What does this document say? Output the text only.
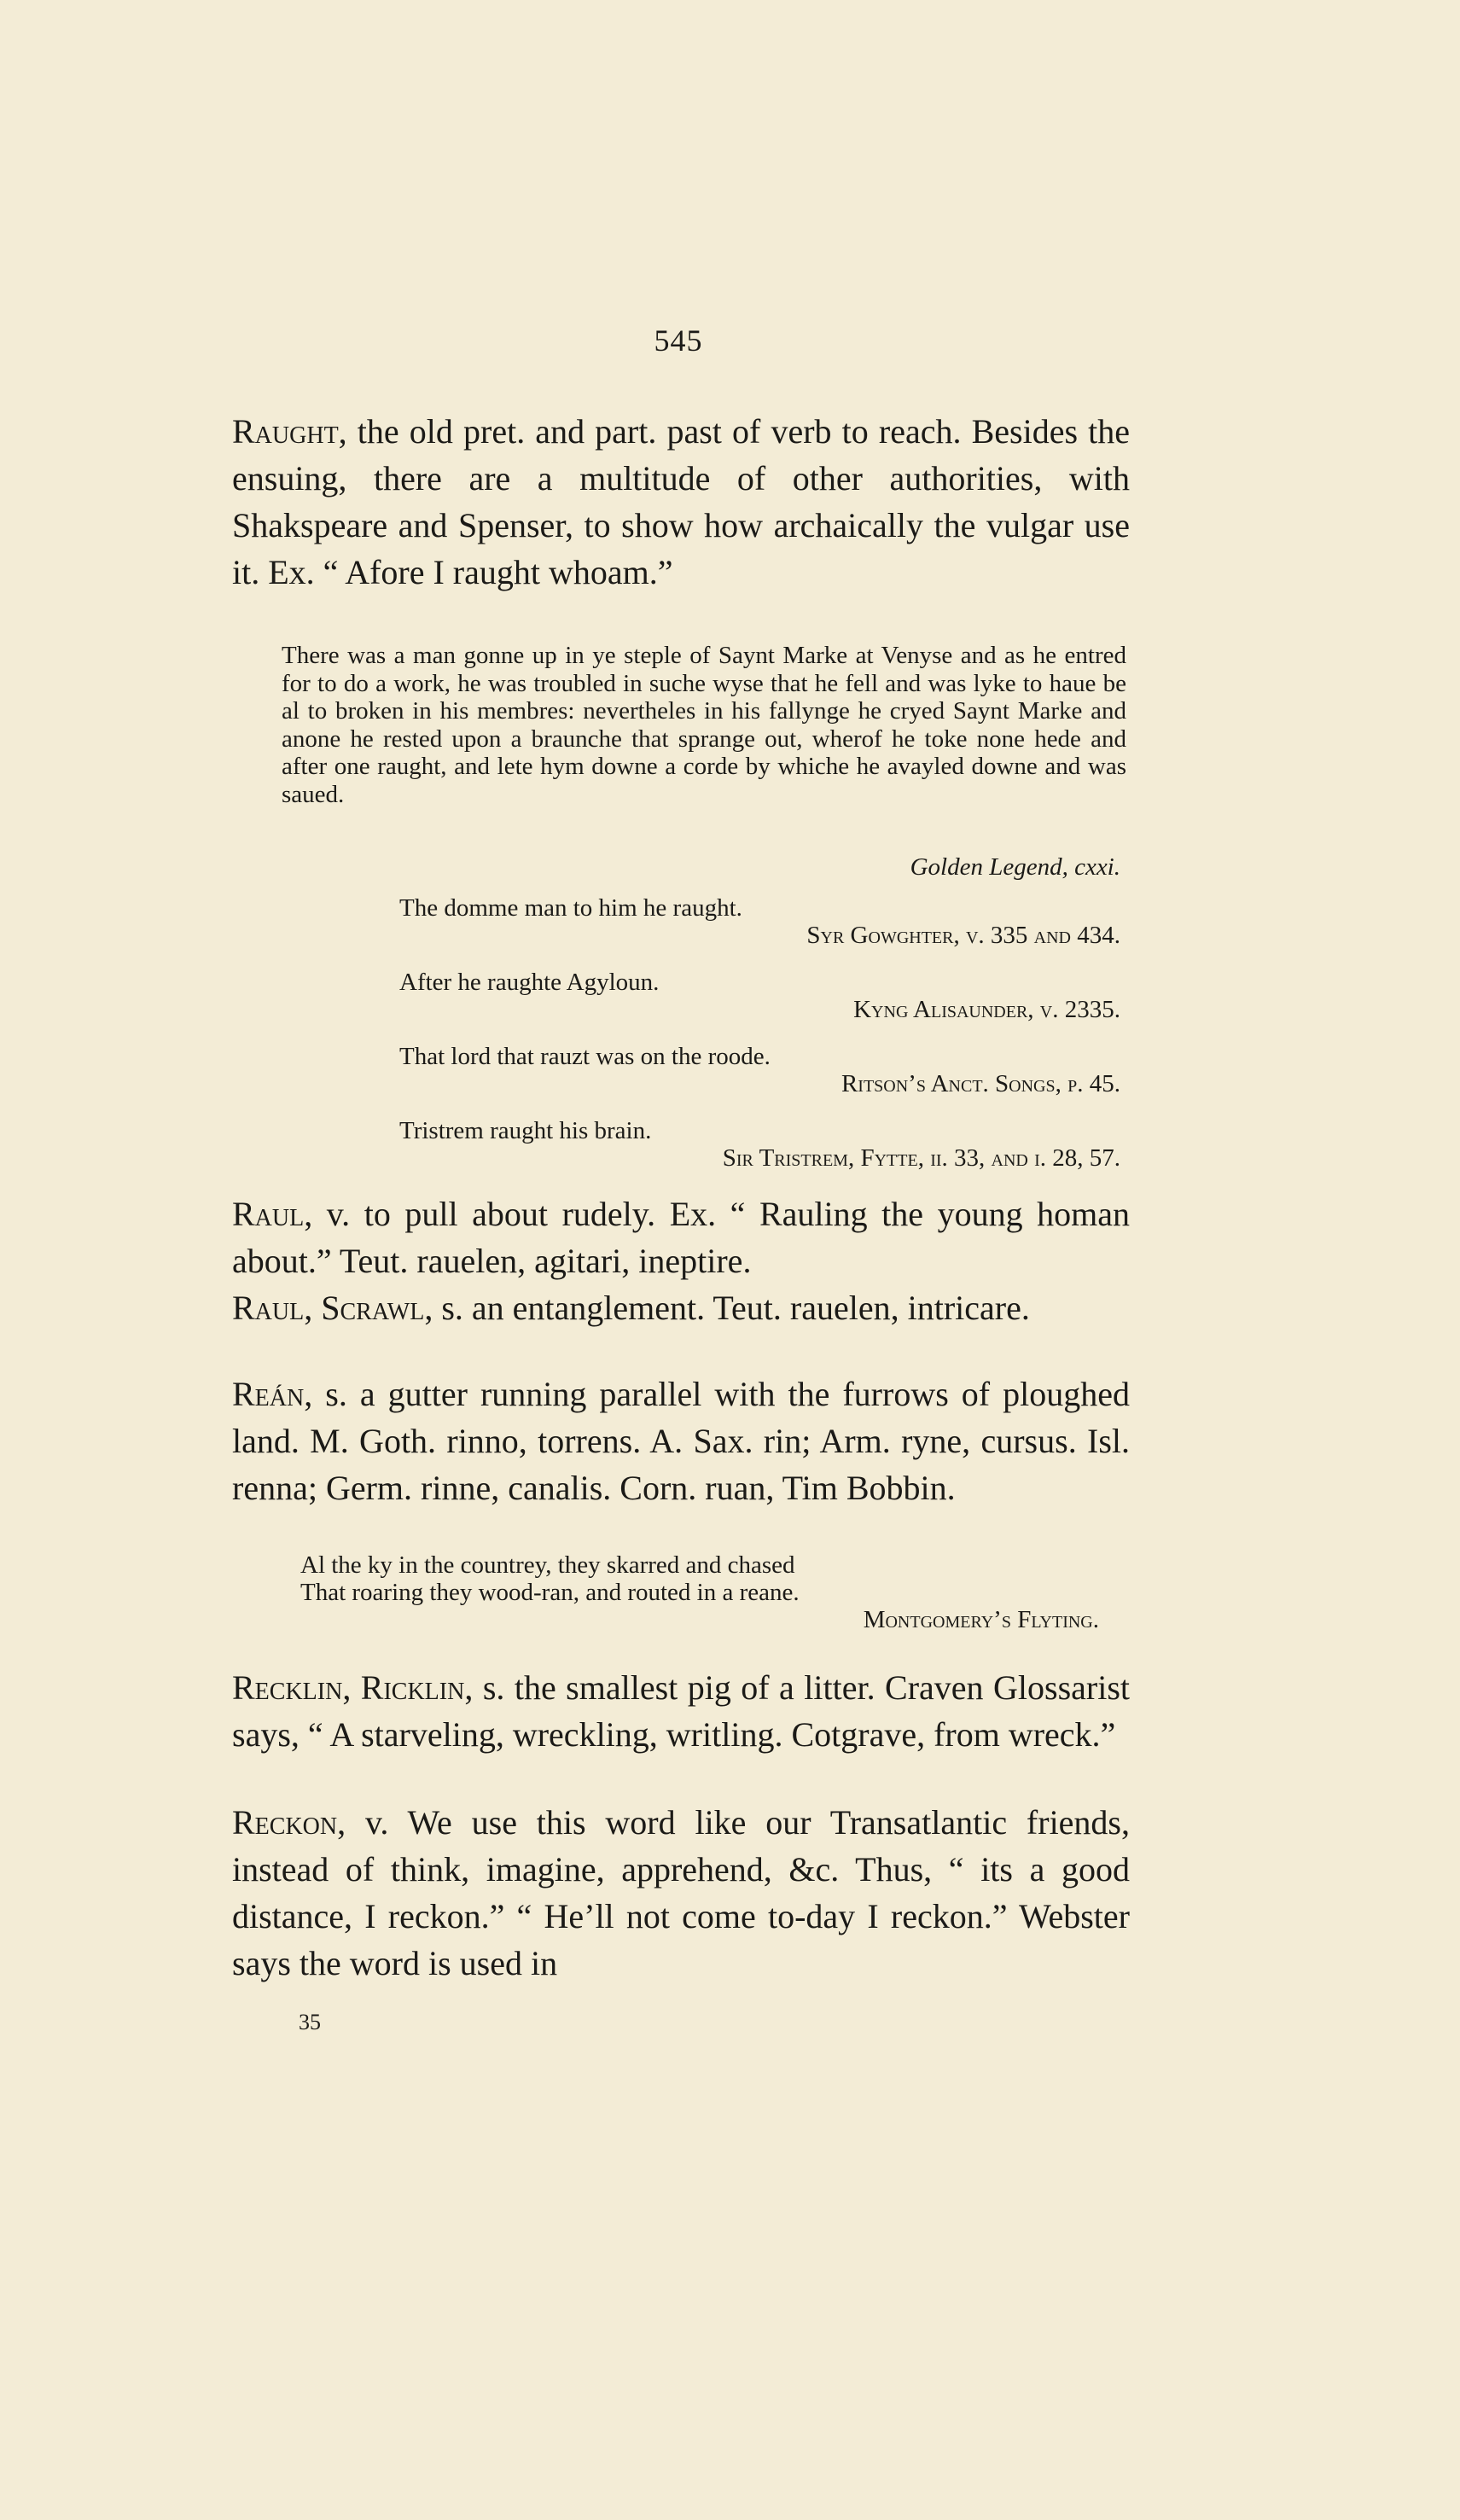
545
Raught, the old pret. and part. past of verb to reach. Besides the ensuing, there are a multitude of other authorities, with Shakspeare and Spenser, to show how archaically the vulgar use it. Ex. “ Afore I raught whoam.”
There was a man gonne up in ye steple of Saynt Marke at Venyse and as he entred for to do a work, he was troubled in suche wyse that he fell and was lyke to haue be al to broken in his membres: nevertheles in his fallynge he cryed Saynt Marke and anone he rested upon a braunche that sprange out, wherof he toke none hede and after one raught, and lete hym downe a corde by whiche he avayled downe and was saued.
Golden Legend, cxxi.
The domme man to him he raught.
Syr Gowghter, v. 335 and 434.
After he raughte Agyloun.
Kyng Alisaunder, v. 2335.
That lord that rauzt was on the roode.
Ritson’s Anct. Songs, p. 45.
Tristrem raught his brain.
Sir Tristrem, Fytte, ii. 33, and i. 28, 57.
Raul, v. to pull about rudely. Ex. “ Rauling the young homan about.” Teut. rauelen, agitari, ineptire.
Raul, Scrawl, s. an entanglement. Teut. rauelen, intricare.
Reán, s. a gutter running parallel with the furrows of ploughed land. M. Goth. rinno, torrens. A. Sax. rin; Arm. ryne, cursus. Isl. renna; Germ. rinne, canalis. Corn. ruan, Tim Bobbin.
Al the ky in the countrey, they skarred and chased
That roaring they wood-ran, and routed in a reane.
Montgomery’s Flyting.
Recklin, Ricklin, s. the smallest pig of a litter. Craven Glossarist says, “ A starveling, wreckling, writling. Cotgrave, from wreck.”
Reckon, v. We use this word like our Transatlantic friends, instead of think, imagine, apprehend, &c. Thus, “ its a good distance, I reckon.” “ He’ll not come to-day I reckon.” Webster says the word is used in
35
